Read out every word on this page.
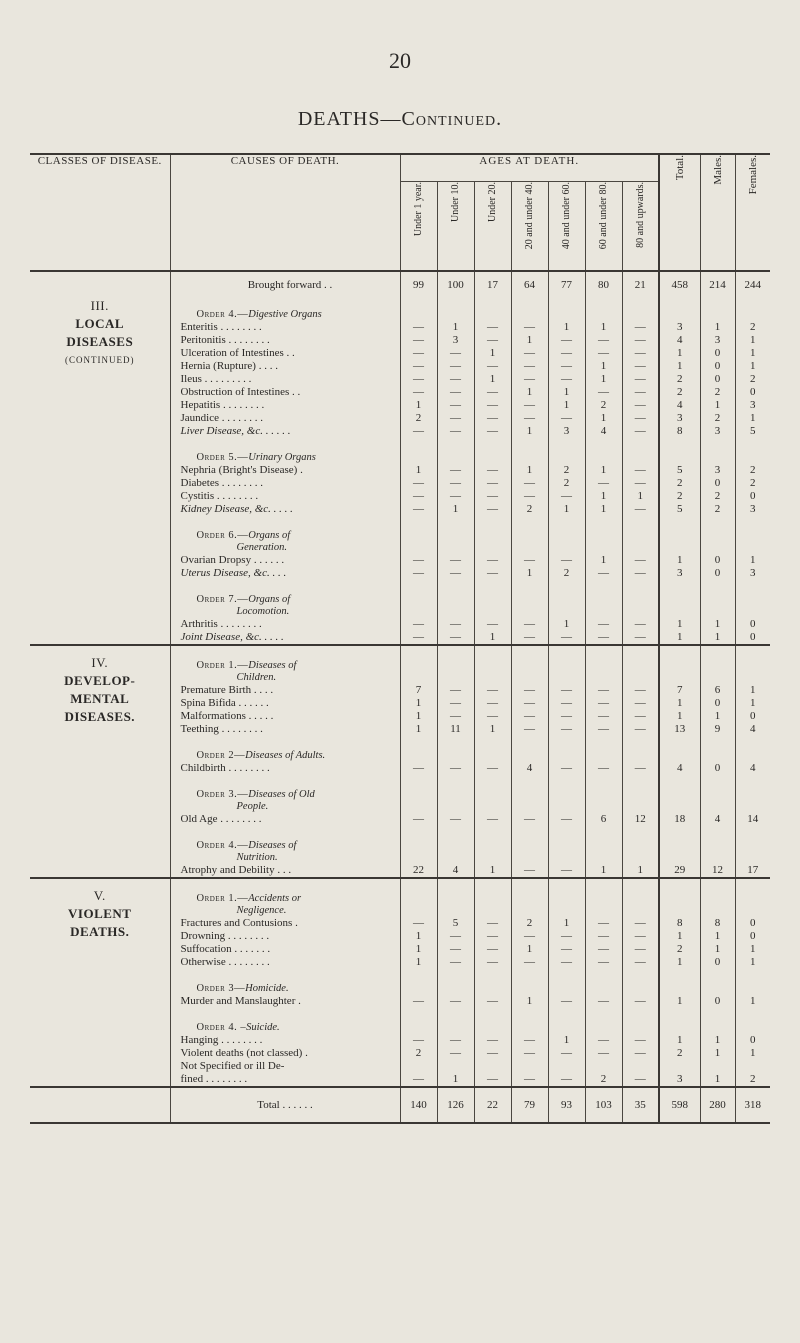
20
DEATHS—Continued.
CLASSES OF DISEASE.	CAUSES OF DEATH.	AGES AT DEATH.							Total.	Males.	Females.
		Under 1 year.	Under 10.	Under 20.	20 and under 40.	40 and under 60.	60 and under 80.	80 and upwards.			
	Brought forward . .	99	100	17	64	77	80	21	458	214	244

III.
LOCAL
DISEASES
(CONTINUED)	Order 4.—Digestive Organs										
	Enteritis . . . . . . . .	—	1	—	—	1	1	—	3	1	2
	Peritonitis . . . . . . . .	—	3	—	1	—	—	—	4	3	1
	Ulceration of Intestines . .	—	—	1	—	—	—	—	1	0	1
	Hernia (Rupture) . . . .	—	—	—	—	—	1	—	1	0	1
	Ileus . . . . . . . . .	—	—	1	—	—	1	—	2	0	2
	Obstruction of Intestines . .	—	—	—	1	1	—	—	2	2	0
	Hepatitis . . . . . . . .	1	—	—	—	1	2	—	4	1	3
	Jaundice . . . . . . . .	2	—	—	—	—	1	—	3	2	1
	Liver Disease, &c. . . . . .	—	—	—	1	3	4	—	8	3	5
	Order 5.—Urinary Organs										
	Nephria (Bright's Disease) .	1	—	—	1	2	1	—	5	3	2
	Diabetes . . . . . . . .	—	—	—	—	2	—	—	2	0	2
	Cystitis . . . . . . . .	—	—	—	—	—	1	1	2	2	0
	Kidney Disease, &c. . . . .	—	1	—	2	1	1	—	5	2	3
	Order 6.—Organs of
Generation.										

	Ovarian Dropsy . . . . . .	—	—	—	—	—	1	—	1	0	1
	Uterus Disease, &c. . . .	—	—	—	1	2	—	—	3	0	3
	Order 7.—Organs of
Locomotion.										

	Arthritis . . . . . . . .	—	—	—	—	1	—	—	1	1	0
	Joint Disease, &c. . . . .	—	—	1	—	—	—	—	1	1	0

IV.
DEVELOP-
MENTAL
DISEASES.	Order 1.—Diseases of
Children.										

	Premature Birth . . . .	7	—	—	—	—	—	—	7	6	1
	Spina Bifida . . . . . .	1	—	—	—	—	—	—	1	0	1
	Malformations . . . . .	1	—	—	—	—	—	—	1	1	0
	Teething . . . . . . . .	1	11	1	—	—	—	—	13	9	4
	Order 2—Diseases of Adults.										
	Childbirth . . . . . . . .	—	—	—	4	—	—	—	4	0	4
	Order 3.—Diseases of Old
People.										

	Old Age . . . . . . . .	—	—	—	—	—	6	12	18	4	14
	Order 4.—Diseases of
Nutrition.										

	Atrophy and Debility . . .	22	4	1	—	—	1	1	29	12	17

V.
VIOLENT
DEATHS.	Order 1.—Accidents or
Negligence.										

	Fractures and Contusions .	—	5	—	2	1	—	—	8	8	0
	Drowning . . . . . . . .	1	—	—	—	—	—	—	1	1	0
	Suffocation . . . . . . .	1	—	—	1	—	—	—	2	1	1
	Otherwise . . . . . . . .	1	—	—	—	—	—	—	1	0	1
	Order 3—Homicide.										
	Murder and Manslaughter .	—	—	—	1	—	—	—	1	0	1
	Order 4. –Suicide.										
	Hanging . . . . . . . .	—	—	—	—	1	—	—	1	1	0
	Violent deaths (not classed) .	2	—	—	—	—	—	—	2	1	1
	Not Specified or ill De-										
	fined . . . . . . . .	—	1	—	—	—	2	—	3	1	2
	Total . . . . . .	140	126	22	79	93	103	35	598	280	318
